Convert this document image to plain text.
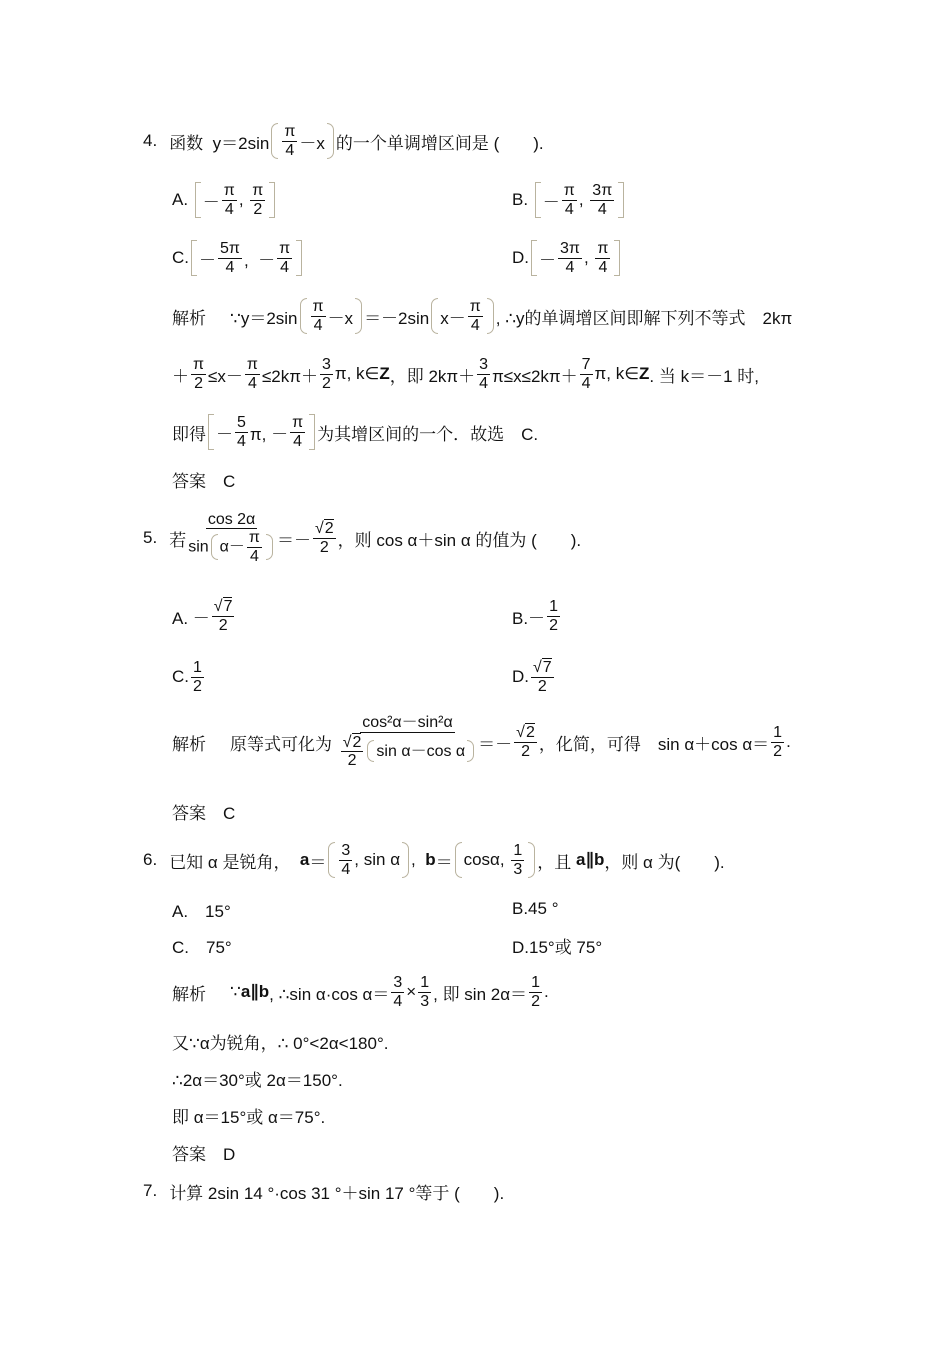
4. 函数
y＝2sin
π
4 －x 的一个单调增区间是
(　　).
A.
－
π
4 , π
2	B.
－
π
4 , 3π
4
C. －
5π
4 ,  －
π
4	D. －
3π
4 , π
4
解析 ∵y＝2sin
π
4 －x ＝－2sin x－
π
4 , ∴y的单调增区间即解下列不等式　2kπ
＋ $\frac{\pi}{2} \le x- \frac{\pi}{4} \le 2k\pi+$
3
2 π, k∈ Z ，即 2kπ＋
3
4 π≤x≤2kπ＋
7
4 π, k∈ Z . 当 k＝－1 时,
即得 －
5
4 π, －
π
4 为其增区间的一个．故选　C.
答案　C
5. 若
cos 2α
$\sin \alpha- \frac{\pi}{4}$ ＝－
√2
2 ，则 cos α＋sin α 的值为 (　　).
A. －
√7
2	B.－
1
2
C. 1
2	D. √7
2
解析 原等式可化为

cos²α－sin²α
√2
2
sin α－cos α ＝－
√2
2 ，化简，可得　sin α＋cos α＝
1
2 .
答案　C
6. 已知 α 是锐角，
a ＝
3
4 , sin α , b ＝ cosα,
1
3 ，且
a∥b ，则 α 为(　　).
A.　15°	B.45 °
C.　75°	D.15°或 75°
解析 ∵ a∥b , ∴sin α·cos $\alpha= \frac{3}{4} \times \frac{1}{3}$ , 即 sin 2α＝
1
2 .
又∵α为锐角，∴ 0°<2α<180°.
∴2α＝30°或 2α＝150°.
即 α＝15°或 α＝75°.
答案　D
7. 计算 2sin 14 °·cos 31 °＋sin 17 °等于 (　　).
